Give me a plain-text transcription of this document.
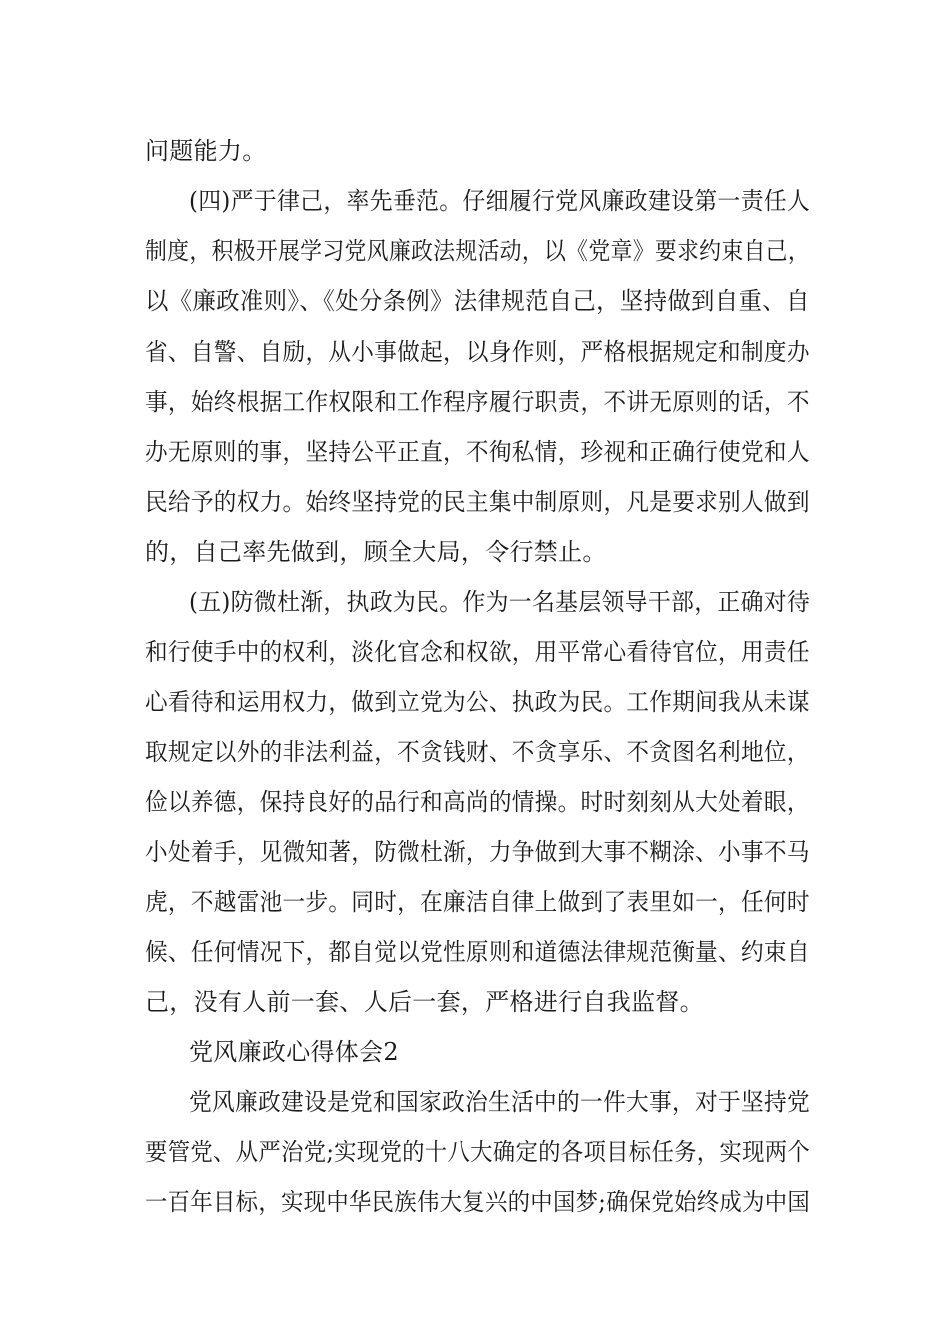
问题能力。
(四)严于律己，率先垂范。仔细履行党风廉政建设第一责任人
制度，积极开展学习党风廉政法规活动，以《党章》要求约束自己，
以《廉政准则》、《处分条例》法律规范自己，坚持做到自重、自
省、自警、自励，从小事做起，以身作则，严格根据规定和制度办
事，始终根据工作权限和工作程序履行职责，不讲无原则的话，不
办无原则的事，坚持公平正直，不徇私情，珍视和正确行使党和人
民给予的权力。始终坚持党的民主集中制原则，凡是要求别人做到
的，自己率先做到，顾全大局，令行禁止。
(五)防微杜渐，执政为民。作为一名基层领导干部，正确对待
和行使手中的权利，淡化官念和权欲，用平常心看待官位，用责任
心看待和运用权力，做到立党为公、执政为民。工作期间我从未谋
取规定以外的非法利益，不贪钱财、不贪享乐、不贪图名利地位，
俭以养德，保持良好的品行和高尚的情操。时时刻刻从大处着眼，
小处着手，见微知著，防微杜渐，力争做到大事不糊涂、小事不马
虎，不越雷池一步。同时，在廉洁自律上做到了表里如一，任何时
候、任何情况下，都自觉以党性原则和道德法律规范衡量、约束自
己，没有人前一套、人后一套，严格进行自我监督。
党风廉政心得体会2
党风廉政建设是党和国家政治生活中的一件大事，对于坚持党
要管党、从严治党;实现党的十八大确定的各项目标任务，实现两个
一百年目标，实现中华民族伟大复兴的中国梦;确保党始终成为中国
